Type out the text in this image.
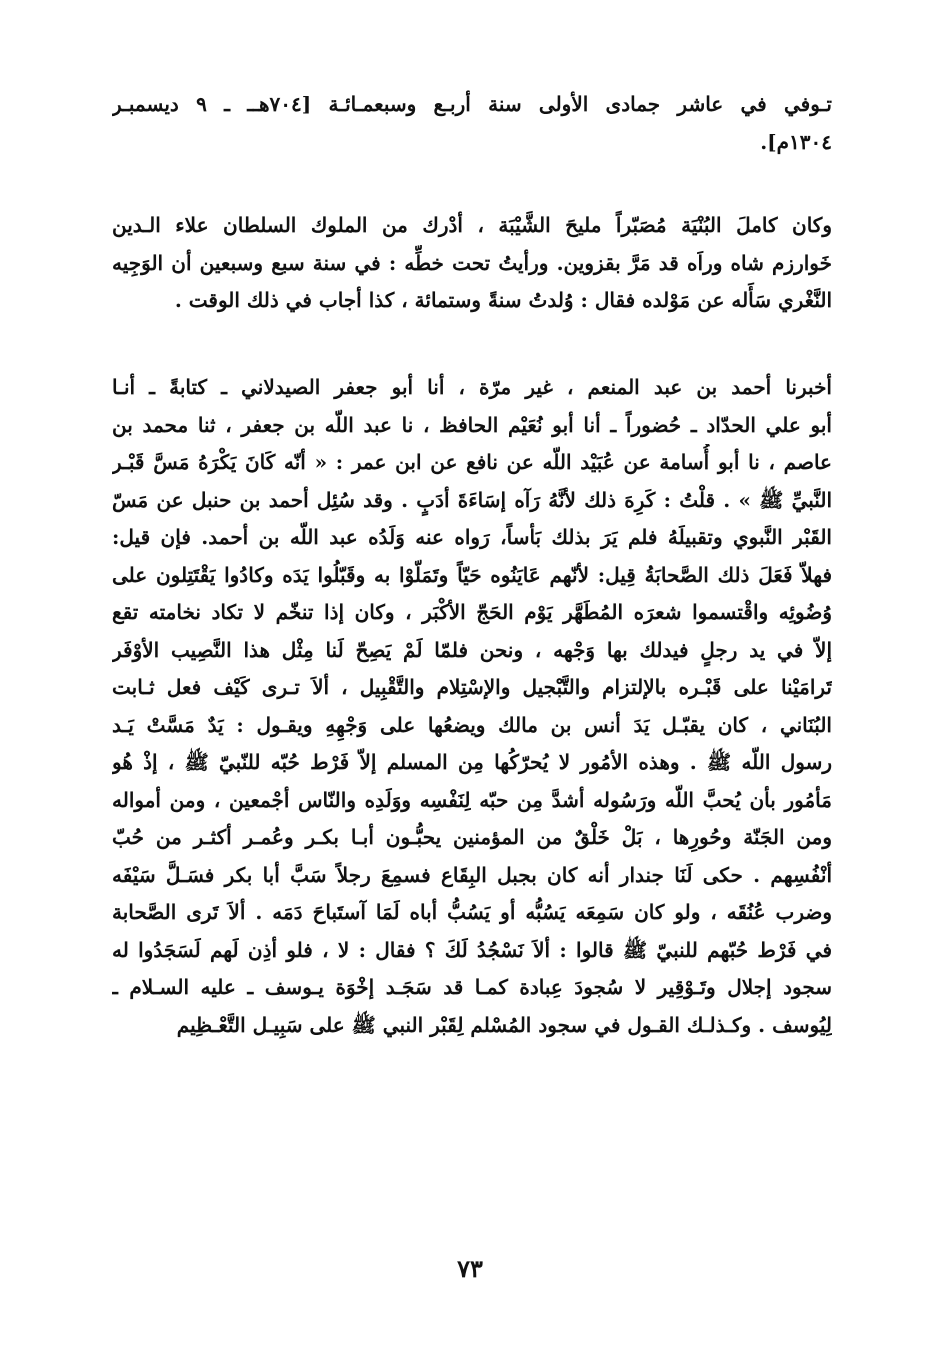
تـوفي في عاشر جمادى الأولى سنة أربـع وسبعمـائـة [٧٠٤هــ ـ ٩ ديسمبـر
١٣٠٤م].
وكان كاملَ البُنْيَة مُصَبّراً مليحَ الشَّيْبَة ، أدْرك من الملوك السلطان علاء الـدين
خَوارزم شاه وراَه قد مَرَّ بقزوين. ورأيتُ تحت خطِّه : في سنة سبع وسبعين أن الوَجِيه
النَّغْري سَأَله عن مَوْلده فقال : وُلدتُ سنةً وستمائة ، كذا أجاب في ذلك الوقت .
أخبرنا أحمد بن عبد المنعم ، غير مرّة ، أنا أبو جعفر الصيدلاني ـ كتابةً ـ أنـا
أبو علي الحدّاد ـ حُضوراً ـ أنا أبو نُعَيْم الحافظ ، نا عبد اللّه بن جعفر ، ثنا محمد بن
عاصم ، نا أبو أُسامة عن عُبَيْد اللّه عن نافع عن ابن عمر : « أنّه كَانَ يَكْرَهُ مَسَّ قَبْـر
النَّبيِّ ﷺ » . قلْتُ : كَرِهَ ذلك لأنَّهُ رَآه إسَاءَةَ أدَبٍ . وقد سُئِل أحمد بن حنبل عن مَسّ
القَبْر النَّبوي وتقبيلَهُ فلم يَرَ بذلك بَأساً، رَواه عنه وَلَدُه عبد اللّه بن أحمد. فإن قيل:
فهلاّ فَعَلَ ذلك الصَّحابَةُ قِيل: لأنّهم عَايَنُوه حَيّاً وتَمَلّوْا به وقَبّلُوا يَدَه وكادُوا يَقْتَتِلون على
وُضُوئِه واقْتسموا شعرَه المُطَهَّر يَوْم الحَجّ الأكْبَر ، وكان إذا تنخّم لا تكاد نخامته تقع
إلاّ في يد رجلٍ فيدلك بها وَجْهه ، ونحن فلمّا لَمْ يَصِحّ لَنا مِثْل هذا النَّصِيب الأوْفَر
تَرامَيْنا على قَبْـره بالإلتزام والتَّبْجيل والإسْتِلام والتَّقْبِيل ، ألاَ تـرى كَيْف فعل ثـابت
البُنَاني ، كان يقبّـل يَدَ أنس بن مالك ويضعُها على وَجْهِهِ ويقـول : يَدٌ مَسَّتْ يَـد
رسول اللّه ﷺ . وهذه الأمُور لا يُحرّكُها مِن المسلم إلاّ فَرْط حُبّه للنّبيّ ﷺ ، إذْ هُو
مَأمُور بأن يُحبَّ اللّه ورَسُوله أشدَّ مِن حبّه لِنَفْسِه ووَلَدِه والنّاس أجْمعين ، ومن أمواله
ومن الجَنّة وحُورِها ، بَلْ خَلْقٌ من المؤمنين يحبُّـون أبـا بكـر وعُمـر أكثـر من حُبّ
أنْفُسِهم . حكى لَنَا جندار أنه كان بجبل البِقَاع فسمِعَ رجلاً سَبَّ أبا بكر فسَـلَّ سَيْفَه
وضرب عُنُقَه ، ولو كان سَمِعَه يَسُبُّه أو يَسُبُّ أباه لَمَا آستَباحَ دَمَه . ألاَ تَرى الصَّحابة
في فَرْط حُبّهم للنبيّ ﷺ قالوا : ألاَ نَسْجُدُ لَكَ ؟ فقال : لا ، فلو أذِن لَهم لَسَجَدُوا له
سجود إجلال وتَـوْقِير لا سُجودَ عِبادة كمـا قد سَجَـد إخْوَة يـوسف ـ عليه السـلام ـ
لِيُوسف . وكـذلـك القـول في سجود المُسْلم لِقَبْر النبي ﷺ على سَبِيـل التَّعْـظِيم
٧٣
